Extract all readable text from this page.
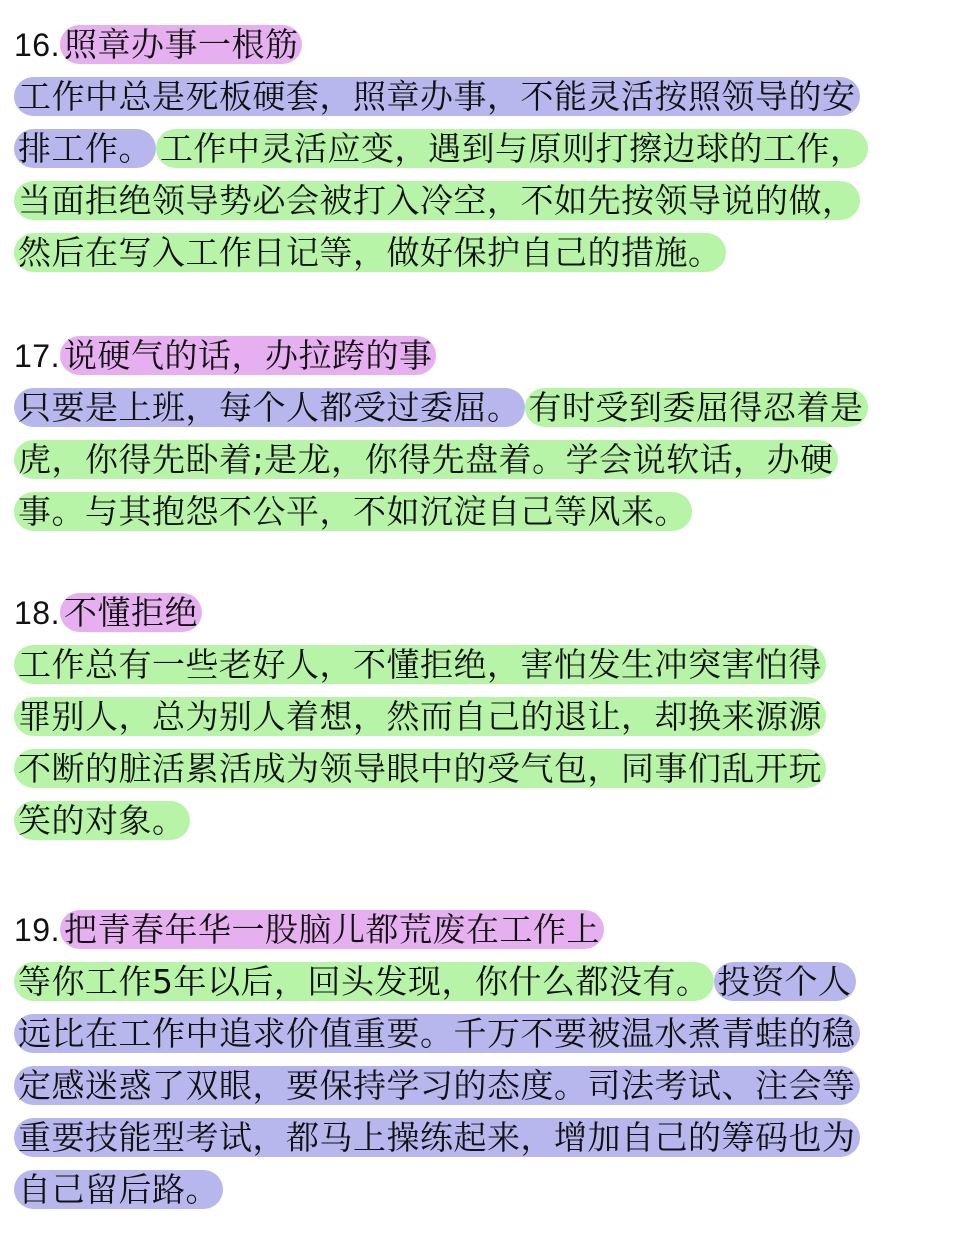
16. 照章办事一根筋
工作中总是死板硬套，照章办事，不能灵活按照领导的安
排工作。 工作中灵活应变，遇到与原则打擦边球的工作，
当面拒绝领导势必会被打入冷空，不如先按领导说的做，
然后在写入工作日记等，做好保护自己的措施。
17. 说硬气的话，办拉跨的事
只要是上班，每个人都受过委屈。 有时受到委屈得忍着是
虎，你得先卧着;是龙，你得先盘着。学会说软话，办硬
事。与其抱怨不公平，不如沉淀自己等风来。
18. 不懂拒绝
工作总有一些老好人，不懂拒绝，害怕发生冲突害怕得
罪别人，总为别人着想，然而自己的退让，却换来源源
不断的脏活累活成为领导眼中的受气包，同事们乱开玩
笑的对象。
19. 把青春年华一股脑儿都荒废在工作上
等你工作5年以后，回头发现，你什么都没有。 投资个人
远比在工作中追求价值重要。千万不要被温水煮青蛙的稳
定感迷惑了双眼，要保持学习的态度。司法考试、注会等
重要技能型考试，都马上操练起来，增加自己的筹码也为
自己留后路。
